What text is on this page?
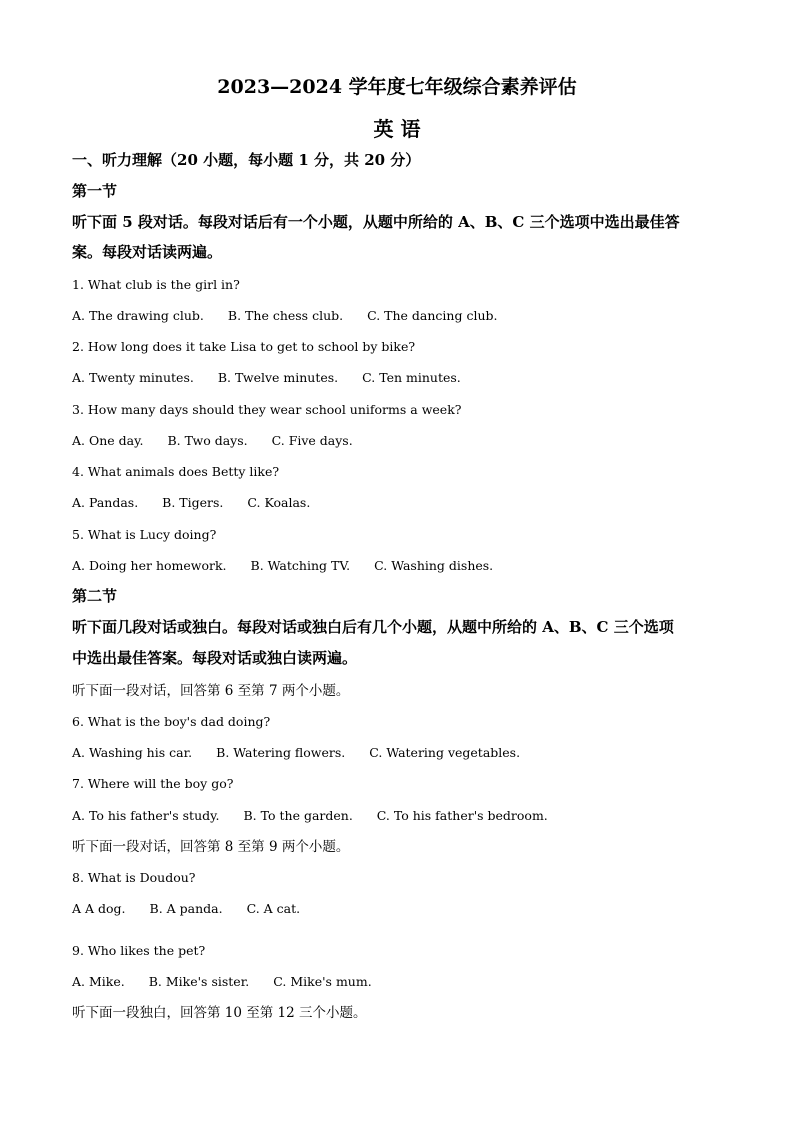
2023—2024 学年度七年级综合素养评估
英 语
一、听力理解（20 小题，每小题 1 分，共 20 分）
第一节
听下面 5 段对话。每段对话后有一个小题，从题中所给的 A、B、C 三个选项中选出最佳答
案。每段对话读两遍。
1. What club is the girl in?
A. The drawing club. B. The chess club. C. The dancing club.
2. How long does it take Lisa to get to school by bike?
A. Twenty minutes. B. Twelve minutes. C. Ten minutes.
3. How many days should they wear school uniforms a week?
A. One day. B. Two days. C. Five days.
4. What animals does Betty like?
A. Pandas. B. Tigers. C. Koalas.
5. What is Lucy doing?
A. Doing her homework. B. Watching TV. C. Washing dishes.
第二节
听下面几段对话或独白。每段对话或独白后有几个小题，从题中所给的 A、B、C 三个选项
中选出最佳答案。每段对话或独白读两遍。
听下面一段对话，回答第 6 至第 7 两个小题。
6. What is the boy's dad doing?
A. Washing his car. B. Watering flowers. C. Watering vegetables.
7. Where will the boy go?
A. To his father's study. B. To the garden. C. To his father's bedroom.
听下面一段对话，回答第 8 至第 9 两个小题。
8. What is Doudou?
A A dog. B. A panda. C. A cat.
9. Who likes the pet?
A. Mike. B. Mike's sister. C. Mike's mum.
听下面一段独白，回答第 10 至第 12 三个小题。
